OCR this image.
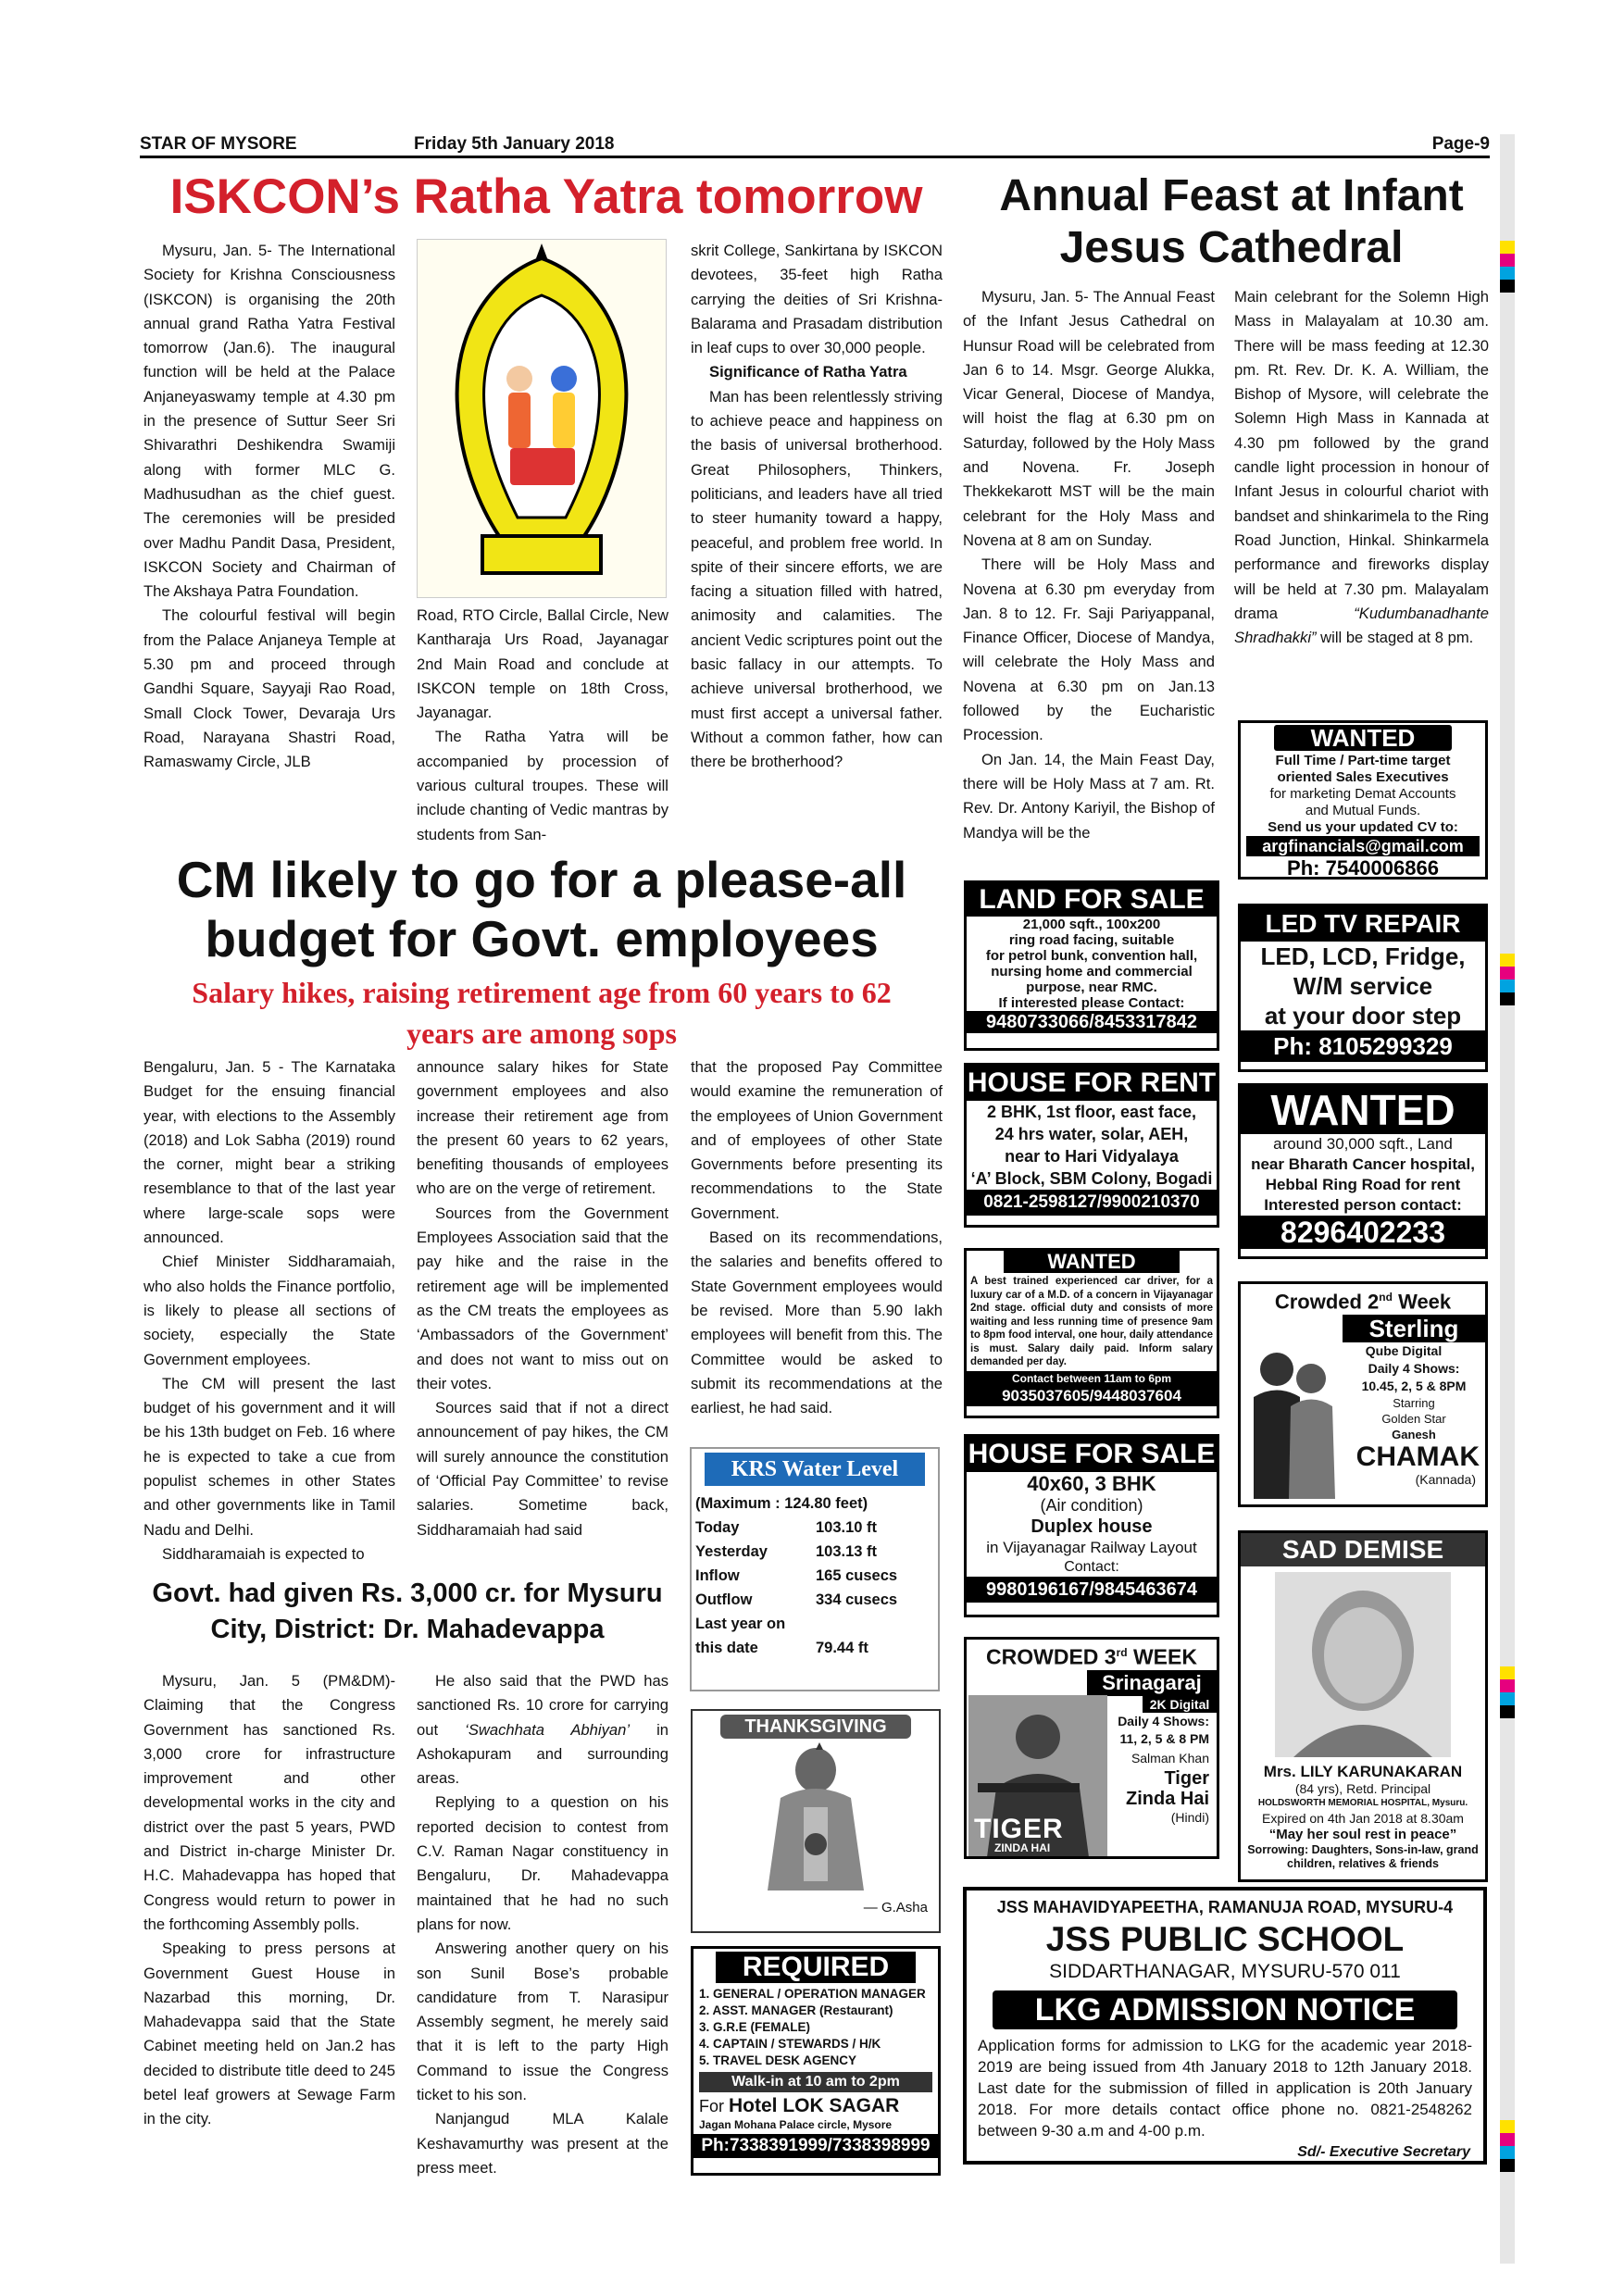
STAR OF MYSORE	Friday 5th January 2018	Page-9
ISKCON’s Ratha Yatra tomorrow

Mysuru, Jan. 5- The International Society for Krishna Consciousness (ISKCON) is organising the 20th annual grand Ratha Yatra Festival tomorrow (Jan.6). The inaugural function will be held at the Palace Anjaneyaswamy temple at 4.30 pm in the presence of Suttur Seer Sri Shivarathri Deshikendra Swamiji along with former MLC G. Madhusudhan as the chief guest. The ceremonies will be presided over Madhu Pandit Dasa, President, ISKCON Society and Chairman of The Akshaya Patra Foundation.

The colourful festival will begin from the Palace Anjaneya Temple at 5.30 pm and proceed through Gandhi Square, Sayyaji Rao Road, Small Clock Tower, Devaraja Urs Road, Narayana Shastri Road, Ramaswamy Circle, JLB

Road, RTO Circle, Ballal Circle, New Kantharaja Urs Road, Jayanagar 2nd Main Road and conclude at ISKCON temple on 18th Cross, Jayanagar.

The Ratha Yatra will be accompanied by procession of various cultural troupes. These will include chanting of Vedic mantras by students from San-

skrit College, Sankirtana by ISKCON devotees, 35-feet high Ratha carrying the deities of Sri Krishna-Balarama and Prasadam distribution in leaf cups to over 30,000 people.

Significance of Ratha Yatra

Man has been relentlessly striving to achieve peace and happiness on the basis of universal brotherhood. Great Philosophers, Thinkers, politicians, and leaders have all tried to steer humanity toward a happy, peaceful, and problem free world. In spite of their sincere efforts, we are facing a situation filled with hatred, animosity and calamities. The ancient Vedic scriptures point out the basic fallacy in our attempts. To achieve universal brotherhood, we must first accept a universal father. Without a common father, how can there be brotherhood?

Annual Feast at Infant Jesus Cathedral

Mysuru, Jan. 5- The Annual Feast of the Infant Jesus Cathedral on Hunsur Road will be celebrated from Jan 6 to 14. Msgr. George Alukka, Vicar General, Diocese of Mandya, will hoist the flag at 6.30 pm on Saturday, followed by the Holy Mass and Novena. Fr. Joseph Thekkekarott MST will be the main celebrant for the Holy Mass and Novena at 8 am on Sunday.

There will be Holy Mass and Novena at 6.30 pm everyday from Jan. 8 to 12. Fr. Saji Pariyappanal, Finance Officer, Diocese of Mandya, will celebrate the Holy Mass and Novena at 6.30 pm on Jan.13 followed by the Eucharistic Procession.

On Jan. 14, the Main Feast Day, there will be Holy Mass at 7 am. Rt. Rev. Dr. Antony Kariyil, the Bishop of Mandya will be the

Main celebrant for the Solemn High Mass in Malayalam at 10.30 am. There will be mass feeding at 12.30 pm. Rt. Rev. Dr. K. A. William, the Bishop of Mysore, will celebrate the Solemn High Mass in Kannada at 4.30 pm followed by the grand candle light procession in honour of Infant Jesus in colourful chariot with bandset and shinkarimela to the Ring Road Junction, Hinkal. Shinkarmela performance and fireworks display will be held at 7.30 pm. Malayalam drama	“Kudumbanadhante Shradhakki” will be staged at 8 pm.

WANTED
Full Time / Part-time target
oriented Sales Executives
for marketing Demat Accounts
and Mutual Funds.
Send us your updated CV to:
argfinancials@gmail.com
Ph: 7540006866
CM likely to go for a please-all budget for Govt. employees
Salary hikes, raising retirement age from 60 years to 62 years are among sops

Bengaluru, Jan. 5 - The Karnataka Budget for the ensuing financial year, with elections to the Assembly (2018) and Lok Sabha (2019) round the corner, might bear a striking resemblance to that of the last year where large-scale sops were announced.

Chief Minister Siddharamaiah, who also holds the Finance portfolio, is likely to please all sections of society, especially the State Government employees.

The CM will present the last budget of his government and it will be his 13th budget on Feb. 16 where he is expected to take a cue from populist schemes in other States and other governments like in Tamil Nadu and Delhi.

Siddharamaiah is expected to

announce salary hikes for State government employees and also increase their retirement age from the present 60 years to 62 years, benefiting thousands of employees who are on the verge of retirement.

Sources from the Government Employees Association said that the pay hike and the raise in the retirement age will be implemented as the CM treats the employees as ‘Ambassadors of the Government’ and does not want to miss out on their votes.

Sources said that if not a direct announcement of pay hikes, the CM will surely announce the constitution of ‘Official Pay Committee’ to revise salaries. Sometime back, Siddharamaiah had said

that the proposed Pay Committee would examine the remuneration of the employees of Union Government and of employees of other State Governments before presenting its recommendations to the State Government.

Based on its recommendations, the salaries and benefits offered to State Government employees would be revised. More than 5.90 lakh employees will benefit from this. The Committee would be asked to submit its recommendations at the earliest, he had said.

KRS Water Level
(Maximum : 124.80 feet)
Today	103.10 ft
Yesterday	103.13 ft
Inflow	165 cusecs
Outflow	334 cusecs
Last year on
this date	79.44 ft
Govt. had given Rs. 3,000 cr. for Mysuru City, District: Dr. Mahadevappa

Mysuru, Jan. 5 (PM&DM)- Claiming that the Congress Government has sanctioned Rs. 3,000 crore for infrastructure improvement and other developmental works in the city and district over the past 5 years, PWD and District in-charge Minister Dr. H.C. Mahadevappa has hoped that Congress would return to power in the forthcoming Assembly polls.

Speaking to press persons at Government Guest House in Nazarbad this morning, Dr. Mahadevappa said that the State Cabinet meeting held on Jan.2 has decided to distribute title deed to 245 betel leaf growers at Sewage Farm in the city.

He also said that the PWD has sanctioned Rs. 10 crore for carrying out ‘Swachhata Abhiyan’ in Ashokapuram and surrounding areas.

Replying to a question on his reported decision to contest from C.V. Raman Nagar constituency in Bengaluru, Dr. Mahadevappa maintained that he had no such plans for now.

Answering another query on his son Sunil Bose’s probable candidature from T. Narasipur Assembly segment, he merely said that it is left to the party High Command to issue the Congress ticket to his son.

Nanjangud MLA Kalale Keshavamurthy was present at the press meet.

THANKSGIVING
— G.Asha
REQUIRED
1. GENERAL / OPERATION MANAGER
2. ASST. MANAGER (Restaurant)
3. G.R.E (FEMALE)
4. CAPTAIN / STEWARDS / H/K
5. TRAVEL DESK AGENCY
Walk-in at 10 am to 2pm
For Hotel LOK SAGAR
Jagan Mohana Palace circle, Mysore
Ph:7338391999/7338398999
LAND FOR SALE
21,000 sqft., 100x200
ring road facing, suitable
for petrol bunk, convention hall,
nursing home and commercial
purpose, near RMC.
If interested please Contact:
9480733066/8453317842
LED TV REPAIR
LED, LCD, Fridge,
W/M service
at your door step
Ph: 8105299329
HOUSE FOR RENT
2 BHK, 1st floor, east face,
24 hrs water, solar, AEH,
near to Hari Vidyalaya
‘A’ Block, SBM Colony, Bogadi
0821-2598127/9900210370
WANTED
around 30,000 sqft., Land
near Bharath Cancer hospital,
Hebbal Ring Road for rent
Interested person contact:
8296402233
WANTED
A best trained experienced car driver, for a luxury car of a M.D. of a concern in Vijayanagar 2nd stage. official duty and consists of more waiting and less running time of presence 9am to 8pm food interval, one hour, daily attendance is must. Salary daily paid. Inform salary demanded per day.
Contact between 11am to 6pm
9035037605/9448037604
Crowded 2nd Week
Sterling
Qube Digital
Daily 4 Shows:
10.45, 2, 5 & 8PM
Starring
Golden Star
Ganesh
CHAMAK
(Kannada)
HOUSE FOR SALE
40x60, 3 BHK
(Air condition)
Duplex house
in Vijayanagar Railway Layout
Contact:
9980196167/9845463674
SAD DEMISE
Mrs. LILY KARUNAKARAN
(84 yrs), Retd. Principal
HOLDSWORTH MEMORIAL HOSPITAL, Mysuru.
Expired on 4th Jan 2018 at 8.30am
“May her soul rest in peace”
Sorrowing: Daughters, Sons-in-law, grand children, relatives & friends
CROWDED 3rd WEEK
Srinagaraj
2K Digital
TIGER
ZINDA HAI
Daily 4 Shows:
11, 2, 5 & 8 PM
Salman Khan
Tiger
Zinda Hai
(Hindi)
JSS MAHAVIDYAPEETHA, RAMANUJA ROAD, MYSURU-4
JSS PUBLIC SCHOOL
SIDDARTHANAGAR, MYSURU-570 011
LKG ADMISSION NOTICE
Application forms for admission to LKG for the academic year 2018-2019 are being issued from 4th January 2018 to 12th January 2018. Last date for the submission of filled in application is 20th January 2018. For more details contact office phone no. 0821-2548262 between 9-30 a.m and 4-00 p.m.
Sd/- Executive Secretary
